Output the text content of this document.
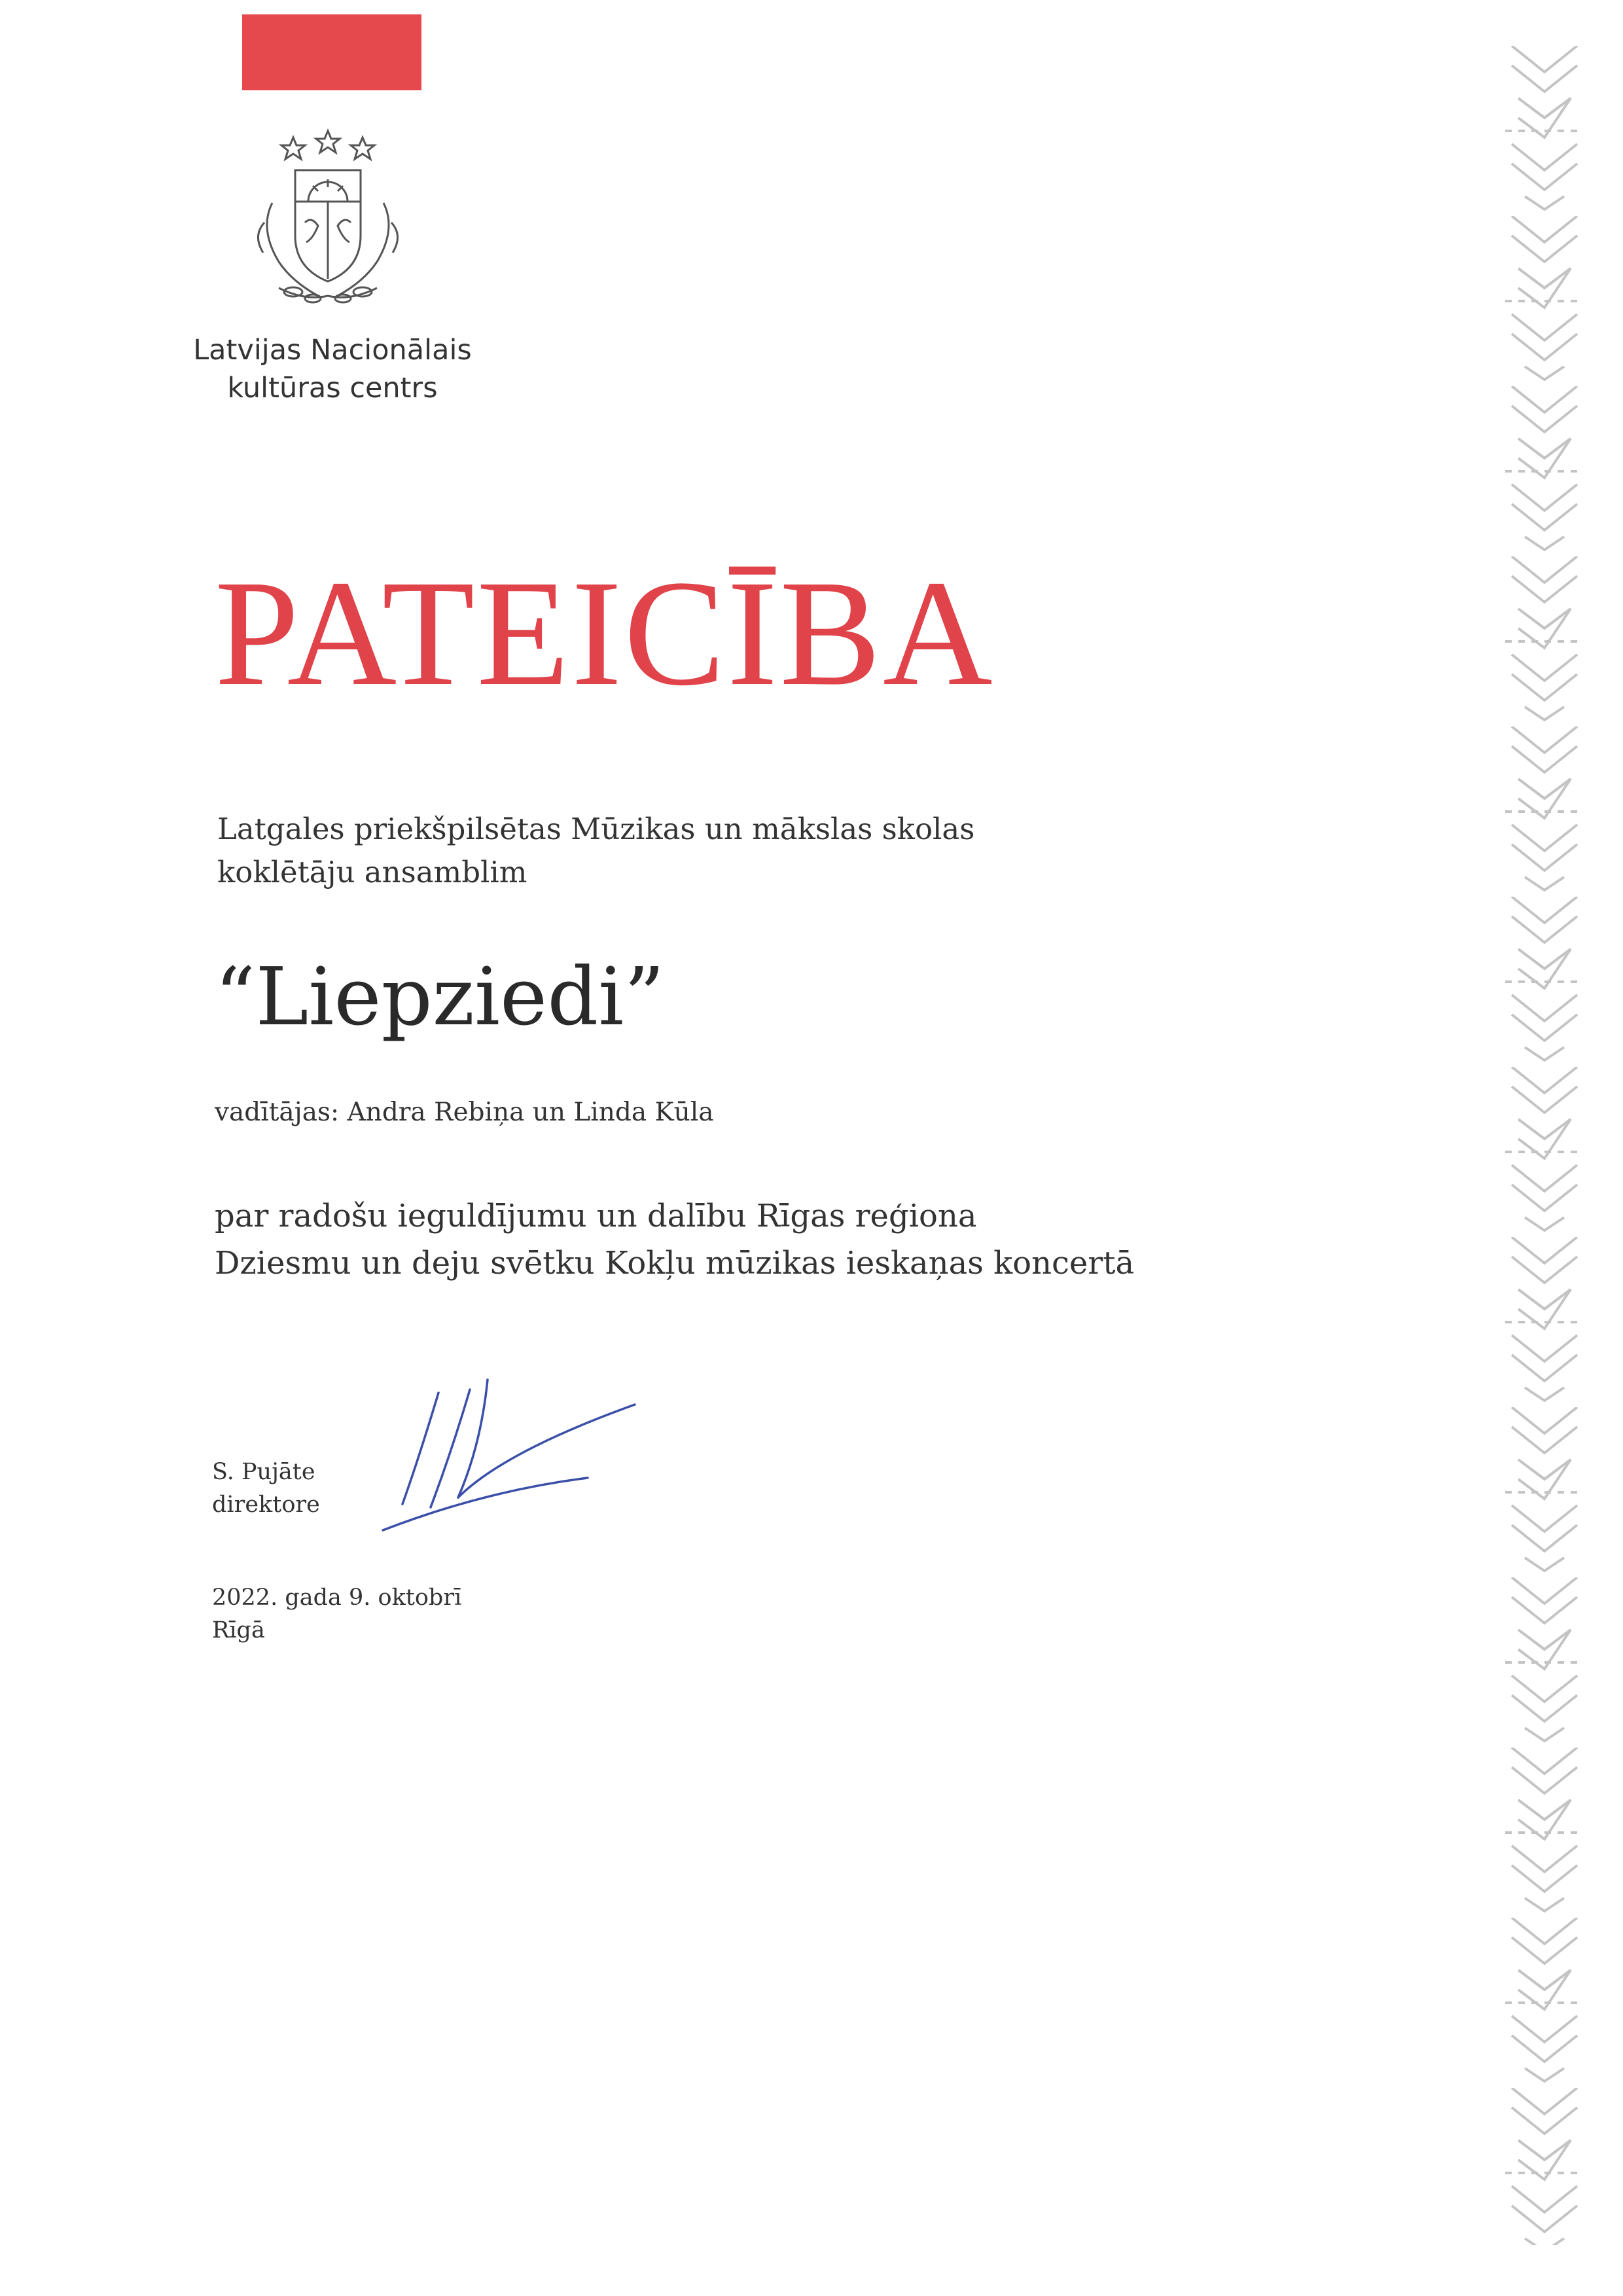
Latvijas Nacionālais
kultūras centrs
PATEICĪBA
Latgales priekšpilsētas Mūzikas un mākslas skolas
koklētāju ansamblim
“Liepziedi”
vadītājas: Andra Rebiņa un Linda Kūla
par radošu ieguldījumu un dalību Rīgas reģiona
Dziesmu un deju svētku Kokļu mūzikas ieskaņas koncertā
S. Pujāte
direktore
2022. gada 9. oktobrī
Rīgā
